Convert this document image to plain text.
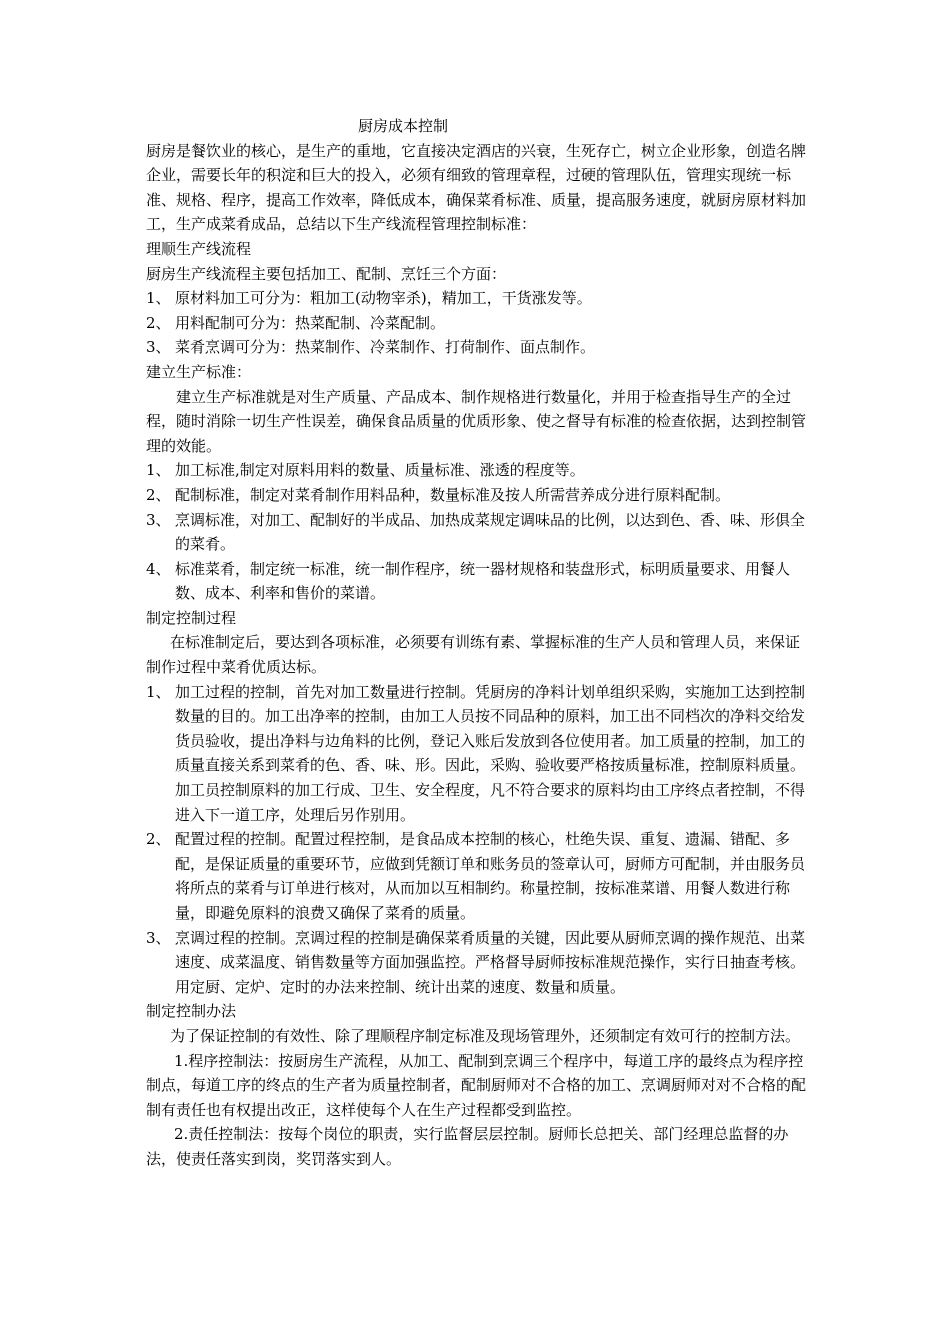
厨房成本控制

厨房是餐饮业的核心，是生产的重地，它直接决定酒店的兴衰，生死存亡，树立企业形象，创造名牌企业，需要长年的积淀和巨大的投入，必须有细致的管理章程，过硬的管理队伍，管理实现统一标准、规格、程序，提高工作效率，降低成本，确保菜肴标准、质量，提高服务速度，就厨房原材料加工，生产成菜肴成品，总结以下生产线流程管理控制标准：

理顺生产线流程

厨房生产线流程主要包括加工、配制、烹饪三个方面：

1、 原材料加工可分为：粗加工(动物宰杀)，精加工，干货涨发等。
2、 用料配制可分为：热菜配制、冷菜配制。
3、 菜肴烹调可分为：热菜制作、冷菜制作、打荷制作、面点制作。

建立生产标准：

建立生产标准就是对生产质量、产品成本、制作规格进行数量化，并用于检查指导生产的全过程，随时消除一切生产性误差，确保食品质量的优质形象、使之督导有标准的检查依据，达到控制管理的效能。

1、 加工标准,制定对原料用料的数量、质量标准、涨透的程度等。
2、 配制标准，制定对菜肴制作用料品种，数量标准及按人所需营养成分进行原料配制。
3、 烹调标准，对加工、配制好的半成品、加热成菜规定调味品的比例，以达到色、香、味、形俱全的菜肴。
4、 标准菜肴，制定统一标准，统一制作程序，统一器材规格和装盘形式，标明质量要求、用餐人数、成本、利率和售价的菜谱。

制定控制过程

在标准制定后，要达到各项标准，必须要有训练有素、掌握标准的生产人员和管理人员，来保证制作过程中菜肴优质达标。

1、 加工过程的控制，首先对加工数量进行控制。凭厨房的净料计划单组织采购，实施加工达到控制数量的目的。加工出净率的控制，由加工人员按不同品种的原料，加工出不同档次的净料交给发货员验收，提出净料与边角料的比例，登记入账后发放到各位使用者。加工质量的控制，加工的质量直接关系到菜肴的色、香、味、形。因此，采购、验收要严格按质量标准，控制原料质量。加工员控制原料的加工行成、卫生、安全程度，凡不符合要求的原料均由工序终点者控制，不得进入下一道工序，处理后另作别用。
2、 配置过程的控制。配置过程控制，是食品成本控制的核心，杜绝失误、重复、遗漏、错配、多配，是保证质量的重要环节，应做到凭额订单和账务员的签章认可，厨师方可配制，并由服务员将所点的菜肴与订单进行核对，从而加以互相制约。称量控制，按标准菜谱、用餐人数进行称量，即避免原料的浪费又确保了菜肴的质量。
3、 烹调过程的控制。烹调过程的控制是确保菜肴质量的关键，因此要从厨师烹调的操作规范、出菜速度、成菜温度、销售数量等方面加强监控。严格督导厨师按标准规范操作，实行日抽查考核。用定厨、定炉、定时的办法来控制、统计出菜的速度、数量和质量。

制定控制办法

为了保证控制的有效性、除了理顺程序制定标准及现场管理外，还须制定有效可行的控制方法。

1.程序控制法：按厨房生产流程，从加工、配制到烹调三个程序中，每道工序的最终点为程序控制点，每道工序的终点的生产者为质量控制者，配制厨师对不合格的加工、烹调厨师对对不合格的配制有责任也有权提出改正，这样使每个人在生产过程都受到监控。

2.责任控制法：按每个岗位的职责，实行监督层层控制。厨师长总把关、部门经理总监督的办法，使责任落实到岗，奖罚落实到人。
